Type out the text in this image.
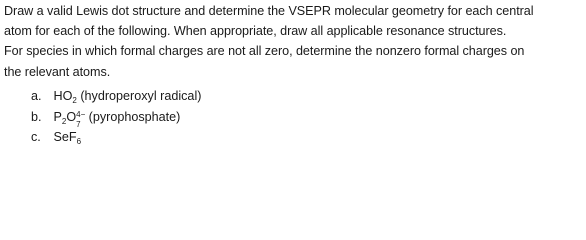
Draw a valid Lewis dot structure and determine the VSEPR molecular geometry for each central
atom for each of the following. When appropriate, draw all applicable resonance structures.
For species in which formal charges are not all zero, determine the nonzero formal charges on
the relevant atoms.

a. $HO_2$ (hydroperoxyl radical)
b. $P_2O$ 4−
7
(pyrophosphate)
c. SeF$_6$
